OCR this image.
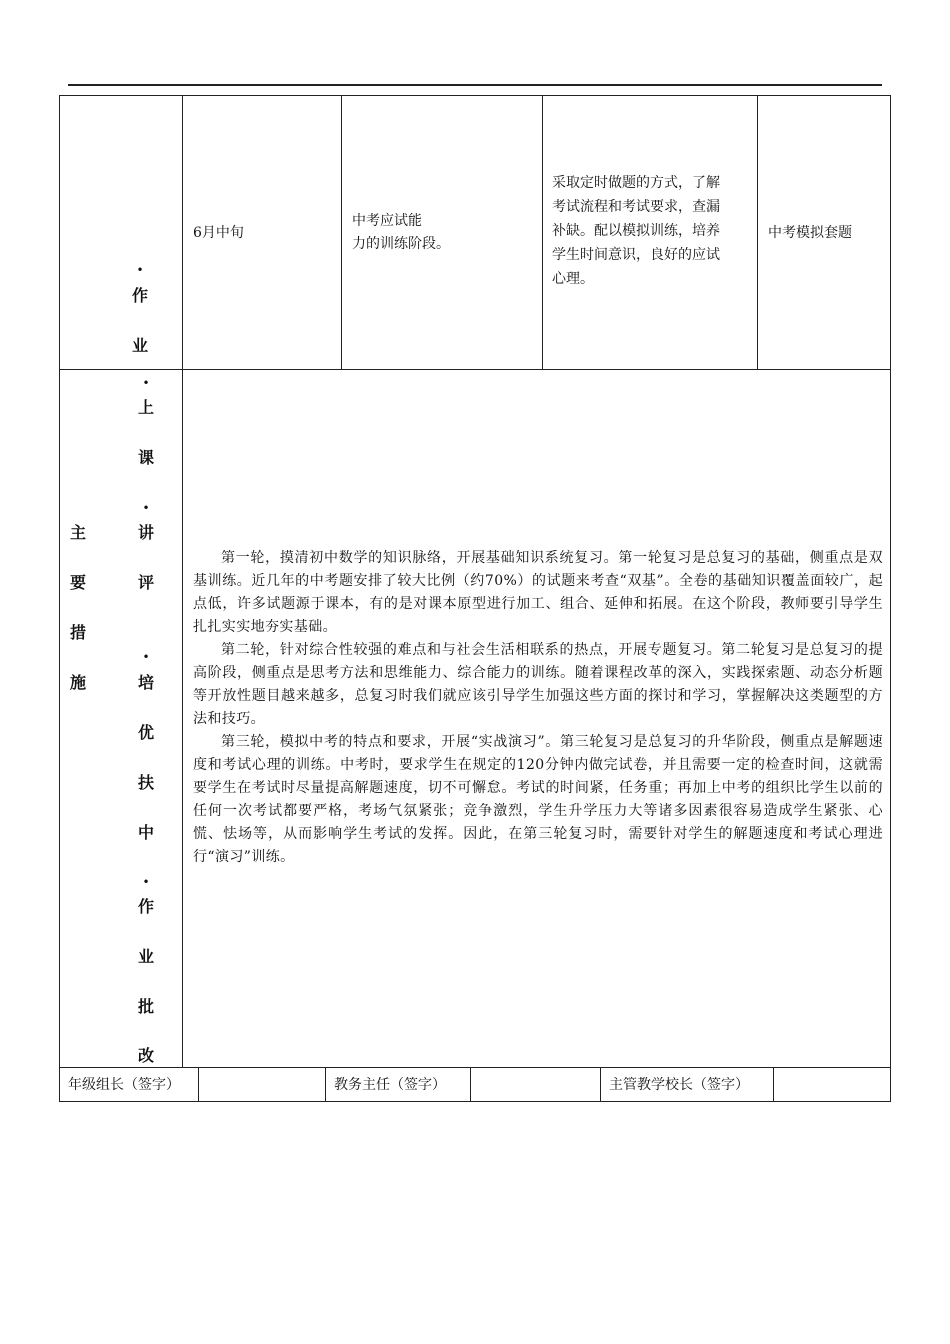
•
作
业
6月中旬
中考应试能
力的训练阶段。
采取定时做题的方式，了解
考试流程和考试要求，查漏
补缺。配以模拟训练，培养
学生时间意识，良好的应试
心理。
中考模拟套题
主
要
措
施
•
上
课
•
讲
评
•
培
优
扶
中
•
作
业
批
改

第一轮，摸清初中数学的知识脉络，开展基础知识系统复习。第一轮复习是总复习的基础，侧重点是双基训练。近几年的中考题安排了较大比例（约70%）的试题来考查“双基”。全卷的基础知识覆盖面较广，起点低，许多试题源于课本，有的是对课本原型进行加工、组合、延伸和拓展。在这个阶段，教师要引导学生扎扎实实地夯实基础。

第二轮，针对综合性较强的难点和与社会生活相联系的热点，开展专题复习。第二轮复习是总复习的提高阶段，侧重点是思考方法和思维能力、综合能力的训练。随着课程改革的深入，实践探索题、动态分析题等开放性题目越来越多，总复习时我们就应该引导学生加强这些方面的探讨和学习，掌握解决这类题型的方法和技巧。

第三轮，模拟中考的特点和要求，开展“实战演习”。第三轮复习是总复习的升华阶段，侧重点是解题速度和考试心理的训练。中考时，要求学生在规定的120分钟内做完试卷，并且需要一定的检查时间，这就需要学生在考试时尽量提高解题速度，切不可懈怠。考试的时间紧，任务重；再加上中考的组织比学生以前的任何一次考试都要严格，考场气氛紧张；竞争激烈，学生升学压力大等诸多因素很容易造成学生紧张、心慌、怯场等，从而影响学生考试的发挥。因此，在第三轮复习时，需要针对学生的解题速度和考试心理进行“演习”训练。

年级组长（签字）	教务主任（签字）	主管教学校长（签字）
